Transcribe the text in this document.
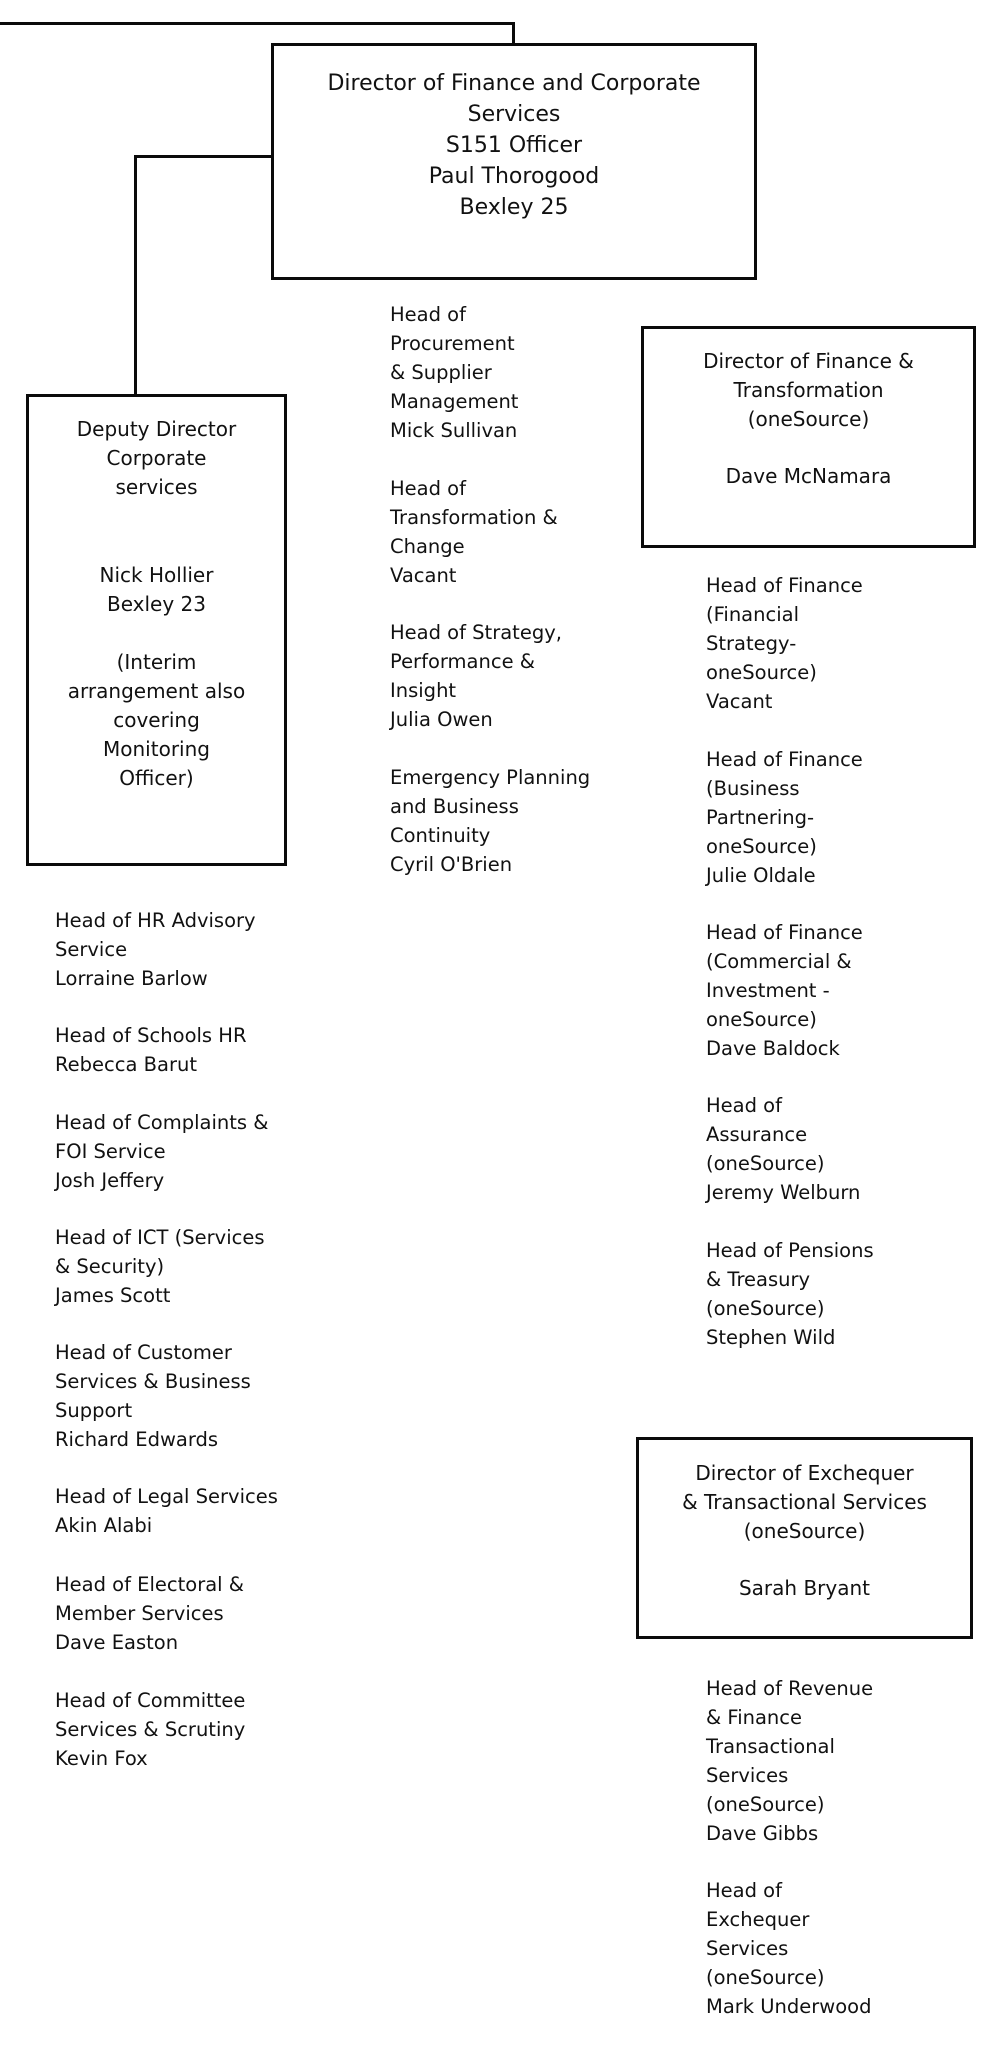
Director of Finance and Corporate
Services
S151 Officer
Paul Thorogood
Bexley 25
Deputy Director
Corporate
services
Nick Hollier
Bexley 23
(Interim
arrangement also
covering
Monitoring
Officer)
Director of Finance &
Transformation
(oneSource)
Dave McNamara
Director of Exchequer
& Transactional Services
(oneSource)
Sarah Bryant
Head of HR Advisory
Service
Lorraine Barlow
Head of Schools HR
Rebecca Barut
Head of Complaints &
FOI Service
Josh Jeffery
Head of ICT (Services
& Security)
James Scott
Head of Customer
Services & Business
Support
Richard Edwards
Head of Legal Services
Akin Alabi
Head of Electoral &
Member Services
Dave Easton
Head of Committee
Services & Scrutiny
Kevin Fox
Head of
Procurement
& Supplier
Management
Mick Sullivan
Head of
Transformation &
Change
Vacant
Head of Strategy,
Performance &
Insight
Julia Owen
Emergency Planning
and Business
Continuity
Cyril O'Brien
Head of Finance
(Financial
Strategy-
oneSource)
Vacant
Head of Finance
(Business
Partnering-
oneSource)
Julie Oldale
Head of Finance
(Commercial &
Investment -
oneSource)
Dave Baldock
Head of
Assurance
(oneSource)
Jeremy Welburn
Head of Pensions
& Treasury
(oneSource)
Stephen Wild
Head of Revenue
& Finance
Transactional
Services
(oneSource)
Dave Gibbs
Head of
Exchequer
Services
(oneSource)
Mark Underwood
